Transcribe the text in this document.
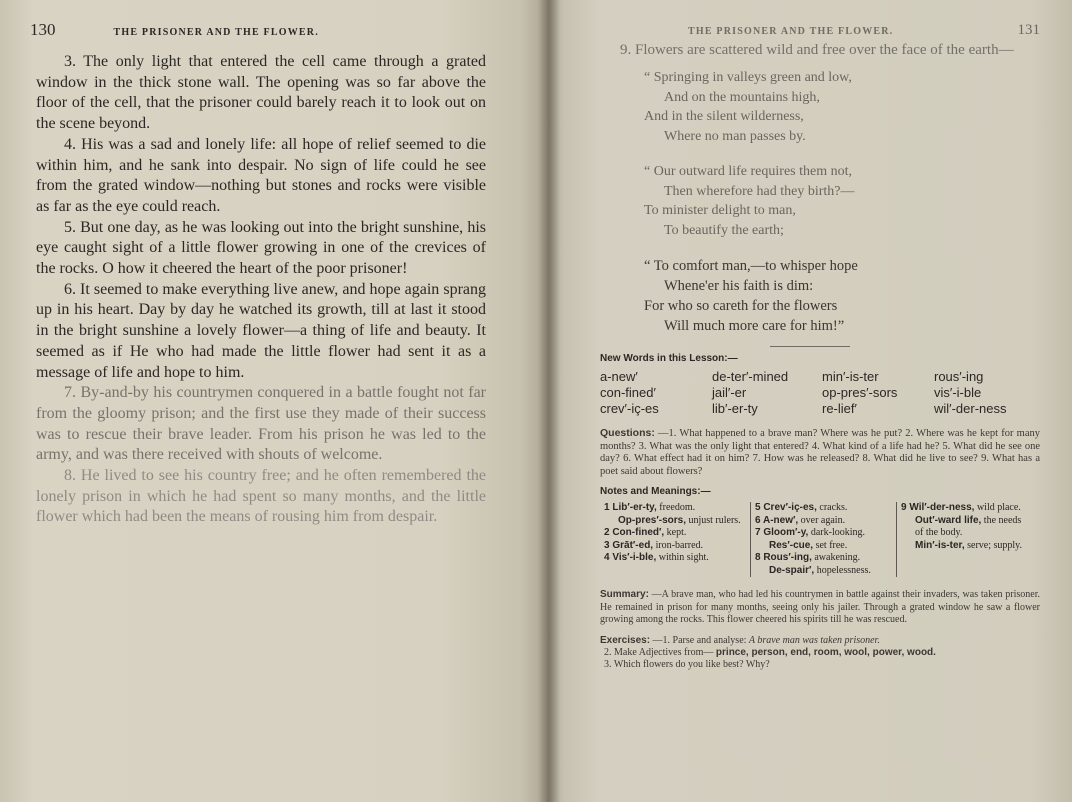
130	THE PRISONER AND THE FLOWER.

3. The only light that entered the cell came through a grated window in the thick stone wall. The opening was so far above the floor of the cell, that the prisoner could barely reach it to look out on the scene beyond.

4. His was a sad and lonely life: all hope of relief seemed to die within him, and he sank into despair. No sign of life could he see from the grated window—nothing but stones and rocks were visible as far as the eye could reach.

5. But one day, as he was looking out into the bright sunshine, his eye caught sight of a little flower growing in one of the crevices of the rocks. O how it cheered the heart of the poor prisoner!

6. It seemed to make everything live anew, and hope again sprang up in his heart. Day by day he watched its growth, till at last it stood in the bright sunshine a lovely flower—a thing of life and beauty. It seemed as if He who had made the little flower had sent it as a message of life and hope to him.

7. By-and-by his countrymen conquered in a battle fought not far from the gloomy prison; and the first use they made of their success was to rescue their brave leader. From his prison he was led to the army, and was there received with shouts of welcome.

8. He lived to see his country free; and he often remembered the lonely prison in which he had spent so many months, and the little flower which had been the means of rousing him from despair.

THE PRISONER AND THE FLOWER.	131
9. Flowers are scattered wild and free over the face of the earth—
“ Springing in valleys green and low,
And on the mountains high,
And in the silent wilderness,
Where no man passes by.
“ Our outward life requires them not,
Then wherefore had they birth?—
To minister delight to man,
To beautify the earth;
“ To comfort man,—to whisper hope
Whene'er his faith is dim:
For who so careth for the flowers
Will much more care for him!”
New Words in this Lesson:—
a-new′	de-ter′-mined	min′-is-ter	rous′-ing
con-fined′	jail′-er	op-pres′-sors	vis′-i-ble
crev′-iç-es	lib′-er-ty	re-lief′	wil′-der-ness
Questions: —1. What happened to a brave man? Where was he put? 2. Where was he kept for many months? 3. What was the only light that entered? 4. What kind of a life had he? 5. What did he see one day? 6. What effect had it on him? 7. How was he released? 8. What did he live to see? 9. What has a poet said about flowers?
Notes and Meanings:—
1 Lib′-er-ty, freedom.
Op-pres′-sors, unjust rulers.
2 Con-fined′, kept.
3 Grāt′-ed, iron-barred.
4 Vis′-i-ble, within sight.
5 Crev′-iç-es, cracks.
6 A-new′, over again.
7 Gloom′-y, dark-looking.
Res′-cue, set free.
8 Rous′-ing, awakening.
De-spair′, hopelessness.
9 Wil′-der-ness, wild place.
Out′-ward life, the needs of the body.
Min′-is-ter, serve; supply.
Summary: —A brave man, who had led his countrymen in battle against their invaders, was taken prisoner. He remained in prison for many months, seeing only his jailer. Through a grated window he saw a flower growing among the rocks. This flower cheered his spirits till he was rescued.
Exercises: —1. Parse and analyse: A brave man was taken prisoner.
2. Make Adjectives from— prince, person, end, room, wool, power, wood.
3. Which flowers do you like best? Why?
